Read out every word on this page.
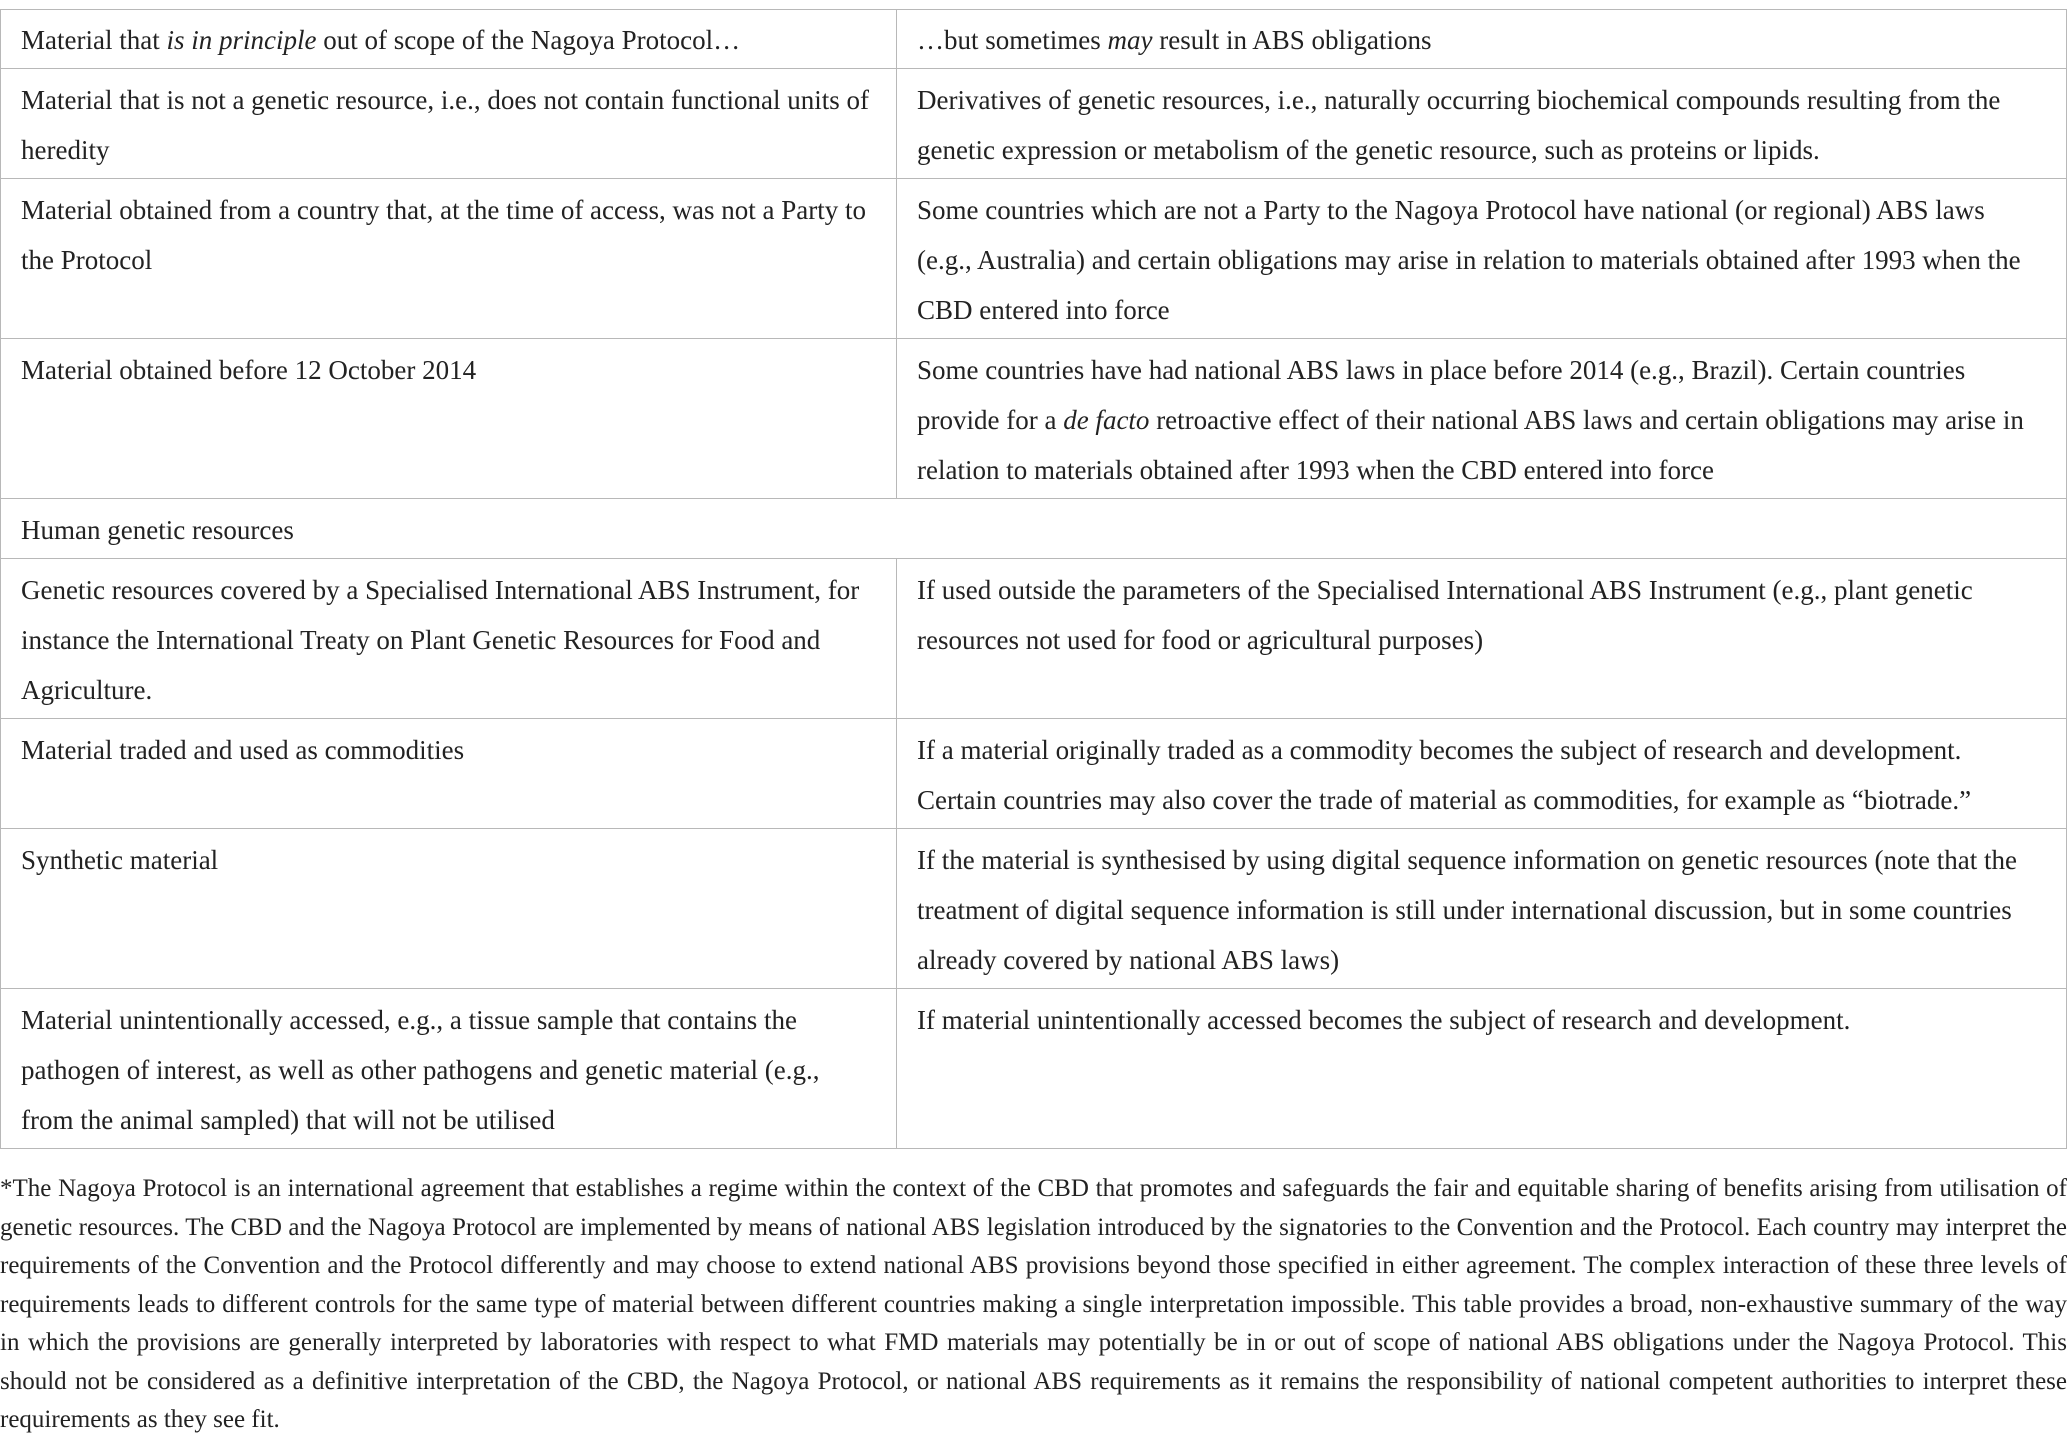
Material that is in principle out of scope of the Nagoya Protocol…	…but sometimes may result in ABS obligations
Material that is not a genetic resource, i.e., does not contain functional units of heredity	Derivatives of genetic resources, i.e., naturally occurring biochemical compounds resulting from the genetic expression or metabolism of the genetic resource, such as proteins or lipids.
Material obtained from a country that, at the time of access, was not a Party to the Protocol	Some countries which are not a Party to the Nagoya Protocol have national (or regional) ABS laws (e.g., Australia) and certain obligations may arise in relation to materials obtained after 1993 when the CBD entered into force
Material obtained before 12 October 2014	Some countries have had national ABS laws in place before 2014 (e.g., Brazil). Certain countries provide for a de facto retroactive effect of their national ABS laws and certain obligations may arise in relation to materials obtained after 1993 when the CBD entered into force
Human genetic resources	
Genetic resources covered by a Specialised International ABS Instrument, for instance the International Treaty on Plant Genetic Resources for Food and Agriculture.	If used outside the parameters of the Specialised International ABS Instrument (e.g., plant genetic resources not used for food or agricultural purposes)
Material traded and used as commodities	If a material originally traded as a commodity becomes the subject of research and development. Certain countries may also cover the trade of material as commodities, for example as “biotrade.”
Synthetic material	If the material is synthesised by using digital sequence information on genetic resources (note that the treatment of digital sequence information is still under international discussion, but in some countries already covered by national ABS laws)
Material unintentionally accessed, e.g., a tissue sample that contains the pathogen of interest, as well as other pathogens and genetic material (e.g., from the animal sampled) that will not be utilised	If material unintentionally accessed becomes the subject of research and development.
*The Nagoya Protocol is an international agreement that establishes a regime within the context of the CBD that promotes and safeguards the fair and equitable sharing of benefits arising from utilisation of genetic resources. The CBD and the Nagoya Protocol are implemented by means of national ABS legislation introduced by the signatories to the Convention and the Protocol. Each country may interpret the requirements of the Convention and the Protocol differently and may choose to extend national ABS provisions beyond those specified in either agreement. The complex interaction of these three levels of requirements leads to different controls for the same type of material between different countries making a single interpretation impossible. This table provides a broad, non-exhaustive summary of the way in which the provisions are generally interpreted by laboratories with respect to what FMD materials may potentially be in or out of scope of national ABS obligations under the Nagoya Protocol. This should not be considered as a definitive interpretation of the CBD, the Nagoya Protocol, or national ABS requirements as it remains the responsibility of national competent authorities to interpret these requirements as they see fit.
